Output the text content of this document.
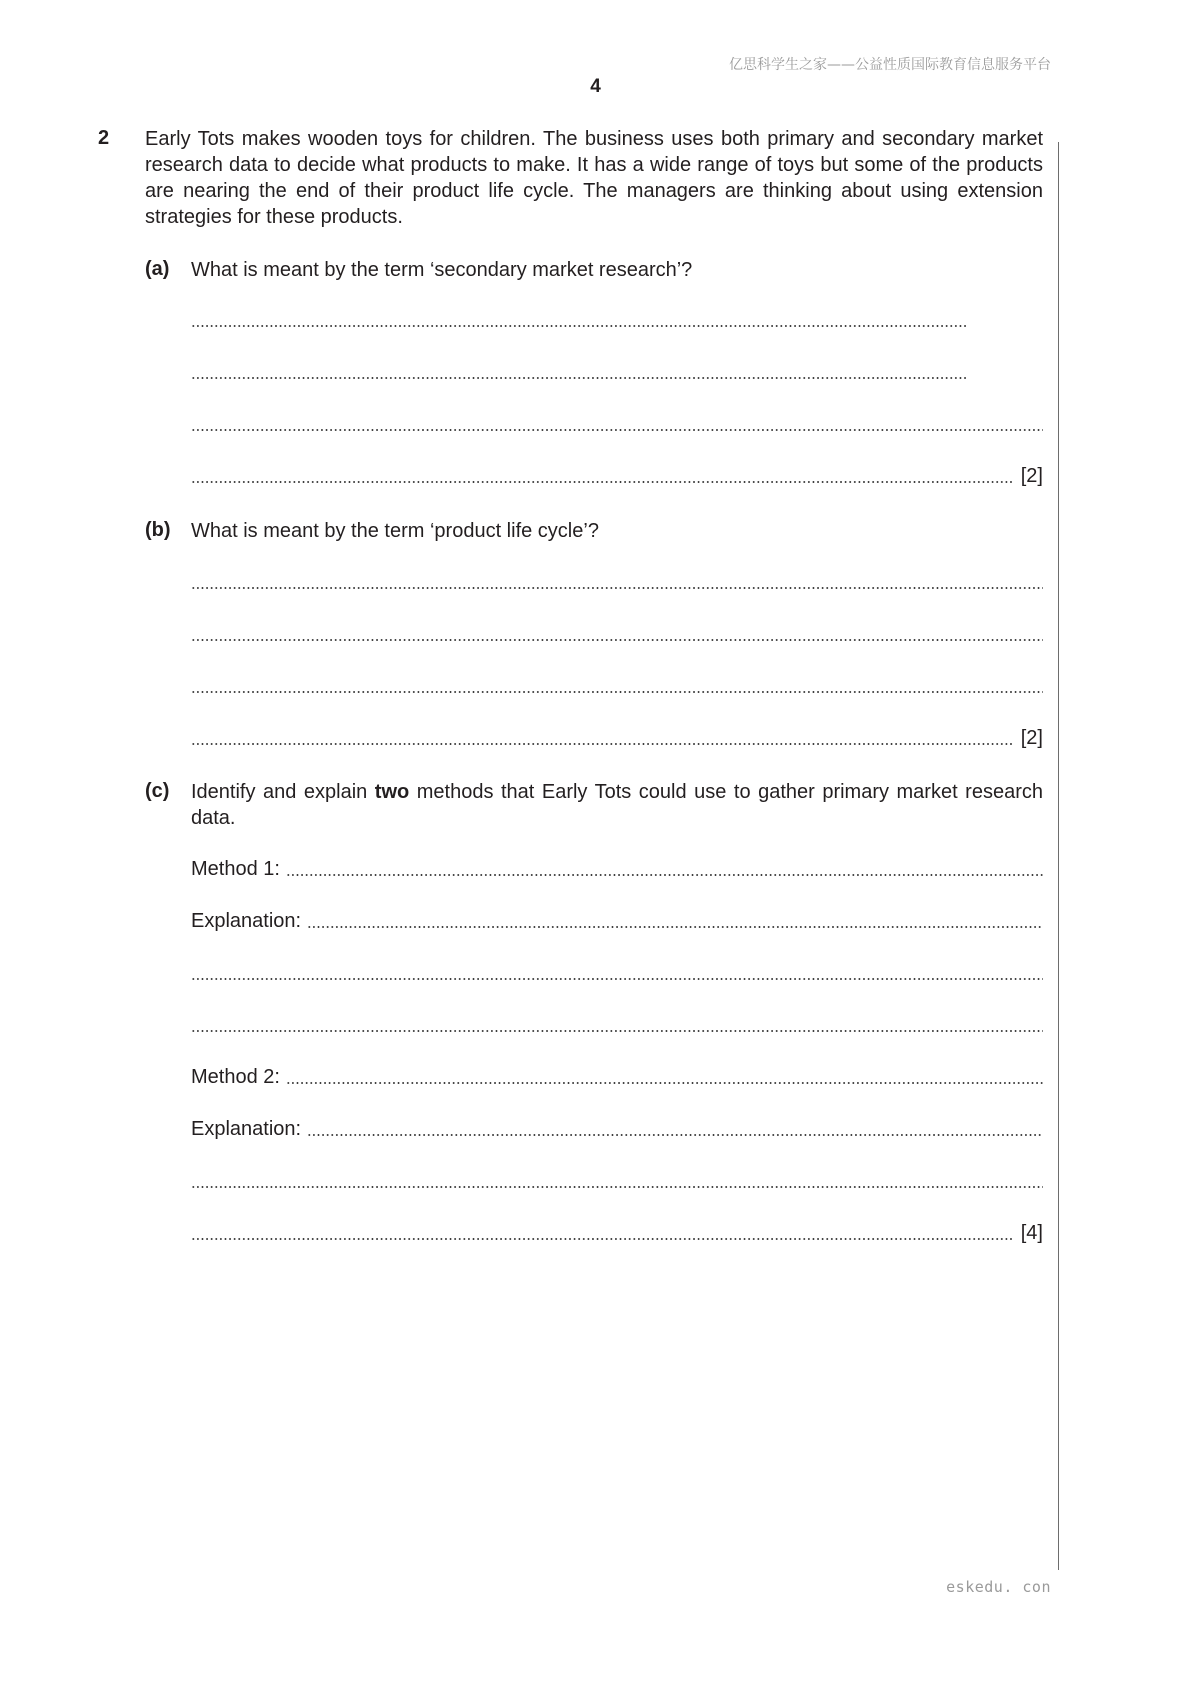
亿思科学生之家——公益性质国际教育信息服务平台
4
2 Early Tots makes wooden toys for children. The business uses both primary and secondary market research data to decide what products to make. It has a wide range of toys but some of the products are nearing the end of their product life cycle. The managers are thinking about using extension strategies for these products.

(a) What is meant by the term ‘secondary market research’?

[2]
(b) What is meant by the term ‘product life cycle’?

[2]
(c) Identify and explain two methods that Early Tots could use to gather primary market research data.

Method 1:

Explanation:

Method 2:

Explanation:

[4]
eskedu. con
